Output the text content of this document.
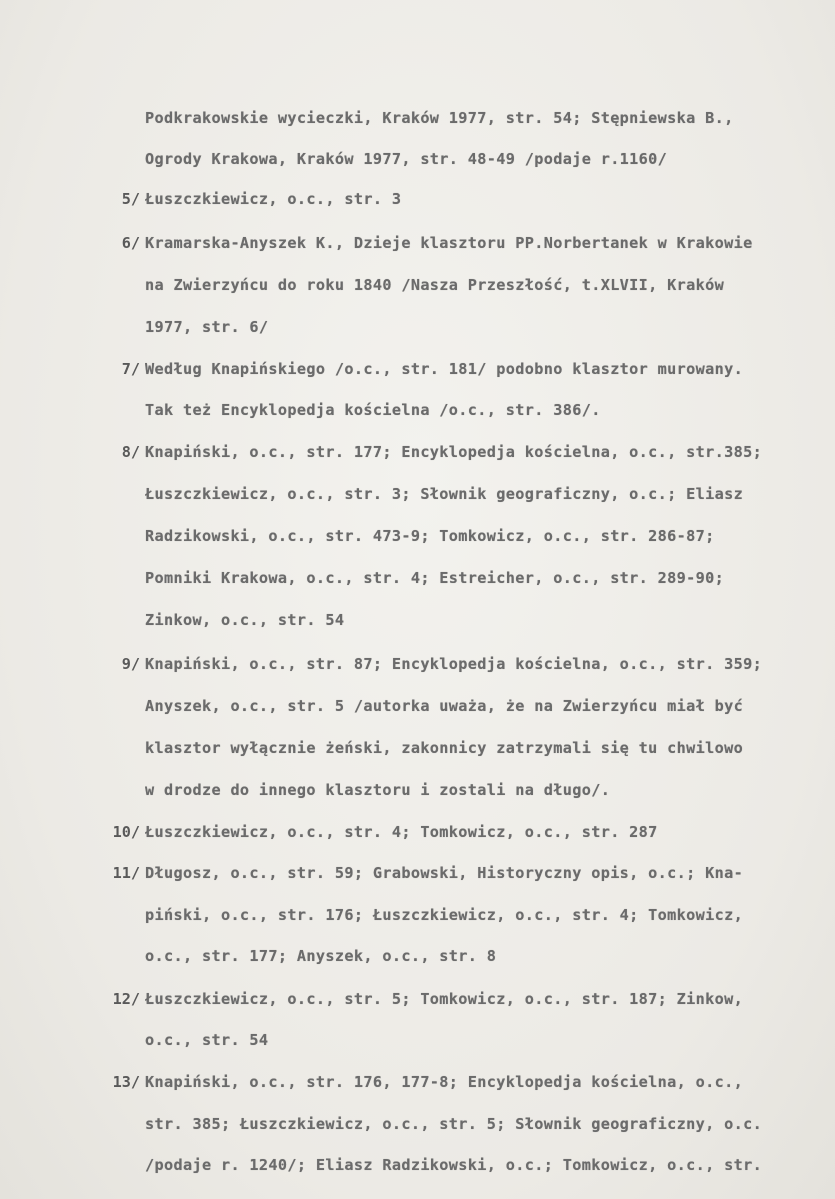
Podkrakowskie wycieczki, Kraków 1977, str. 54; Stępniewska B.,
Ogrody Krakowa, Kraków 1977, str. 48-49 /podaje r.1160/
5/ Łuszczkiewicz, o.c., str. 3
6/ Kramarska-Anyszek K., Dzieje klasztoru PP.Norbertanek w Krakowie
na Zwierzyńcu do roku 1840 /Nasza Przeszłość, t.XLVII, Kraków
1977, str. 6/
7/ Według Knapińskiego /o.c., str. 181/ podobno klasztor murowany.
Tak też Encyklopedja kościelna /o.c., str. 386/.
8/ Knapiński, o.c., str. 177; Encyklopedja kościelna, o.c., str.385;
Łuszczkiewicz, o.c., str. 3; Słownik geograficzny, o.c.; Eliasz
Radzikowski, o.c., str. 473-9; Tomkowicz, o.c., str. 286-87;
Pomniki Krakowa, o.c., str. 4; Estreicher, o.c., str. 289-90;
Zinkow, o.c., str. 54
9/ Knapiński, o.c., str. 87; Encyklopedja kościelna, o.c., str. 359;
Anyszek, o.c., str. 5 /autorka uważa, że na Zwierzyńcu miał być
klasztor wyłącznie żeński, zakonnicy zatrzymali się tu chwilowo
w drodze do innego klasztoru i zostali na długo/.
10/ Łuszczkiewicz, o.c., str. 4; Tomkowicz, o.c., str. 287
11/ Długosz, o.c., str. 59; Grabowski, Historyczny opis, o.c.; Kna-
piński, o.c., str. 176; Łuszczkiewicz, o.c., str. 4; Tomkowicz,
o.c., str. 177; Anyszek, o.c., str. 8
12/ Łuszczkiewicz, o.c., str. 5; Tomkowicz, o.c., str. 187; Zinkow,
o.c., str. 54
13/ Knapiński, o.c., str. 176, 177-8; Encyklopedja kościelna, o.c.,
str. 385; Łuszczkiewicz, o.c., str. 5; Słownik geograficzny, o.c.
/podaje r. 1240/; Eliasz Radzikowski, o.c.; Tomkowicz, o.c., str.
